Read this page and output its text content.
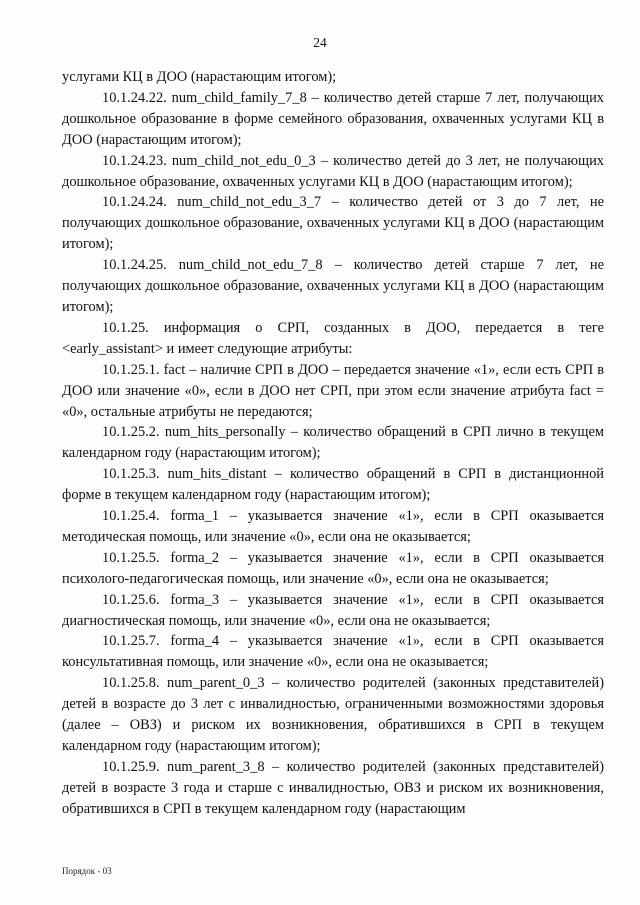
24

услугами КЦ в ДОО (нарастающим итогом);

10.1.24.22. num_child_family_7_8 – количество детей старше 7 лет, получающих дошкольное образование в форме семейного образования, охваченных услугами КЦ в ДОО (нарастающим итогом);

10.1.24.23. num_child_not_edu_0_3 – количество детей до 3 лет, не получающих дошкольное образование, охваченных услугами КЦ в ДОО (нарастающим итогом);

10.1.24.24. num_child_not_edu_3_7 – количество детей от 3 до 7 лет, не получающих дошкольное образование, охваченных услугами КЦ в ДОО (нарастающим итогом);

10.1.24.25. num_child_not_edu_7_8 – количество детей старше 7 лет, не получающих дошкольное образование, охваченных услугами КЦ в ДОО (нарастающим итогом);

10.1.25. информация о СРП, созданных в ДОО, передается в теге <early_assistant> и имеет следующие атрибуты:

10.1.25.1. fact – наличие СРП в ДОО – передается значение «1», если есть СРП в ДОО или значение «0», если в ДОО нет СРП, при этом если значение атрибута fact = «0», остальные атрибуты не передаются;

10.1.25.2. num_hits_personally – количество обращений в СРП лично в текущем календарном году (нарастающим итогом);

10.1.25.3. num_hits_distant – количество обращений в СРП в дистанционной форме в текущем календарном году (нарастающим итогом);

10.1.25.4. forma_1 – указывается значение «1», если в СРП оказывается методическая помощь, или значение «0», если она не оказывается;

10.1.25.5. forma_2 – указывается значение «1», если в СРП оказывается психолого-педагогическая помощь, или значение «0», если она не оказывается;

10.1.25.6. forma_3 – указывается значение «1», если в СРП оказывается диагностическая помощь, или значение «0», если она не оказывается;

10.1.25.7. forma_4 – указывается значение «1», если в СРП оказывается консультативная помощь, или значение «0», если она не оказывается;

10.1.25.8. num_parent_0_3 – количество родителей (законных представителей) детей в возрасте до 3 лет с инвалидностью, ограниченными возможностями здоровья (далее – ОВЗ) и риском их возникновения, обратившихся в СРП в текущем календарном году (нарастающим итогом);

10.1.25.9. num_parent_3_8 – количество родителей (законных представителей) детей в возрасте 3 года и старше с инвалидностью, ОВЗ и риском их возникновения, обратившихся в СРП в текущем календарном году (нарастающим

Порядок - 03
